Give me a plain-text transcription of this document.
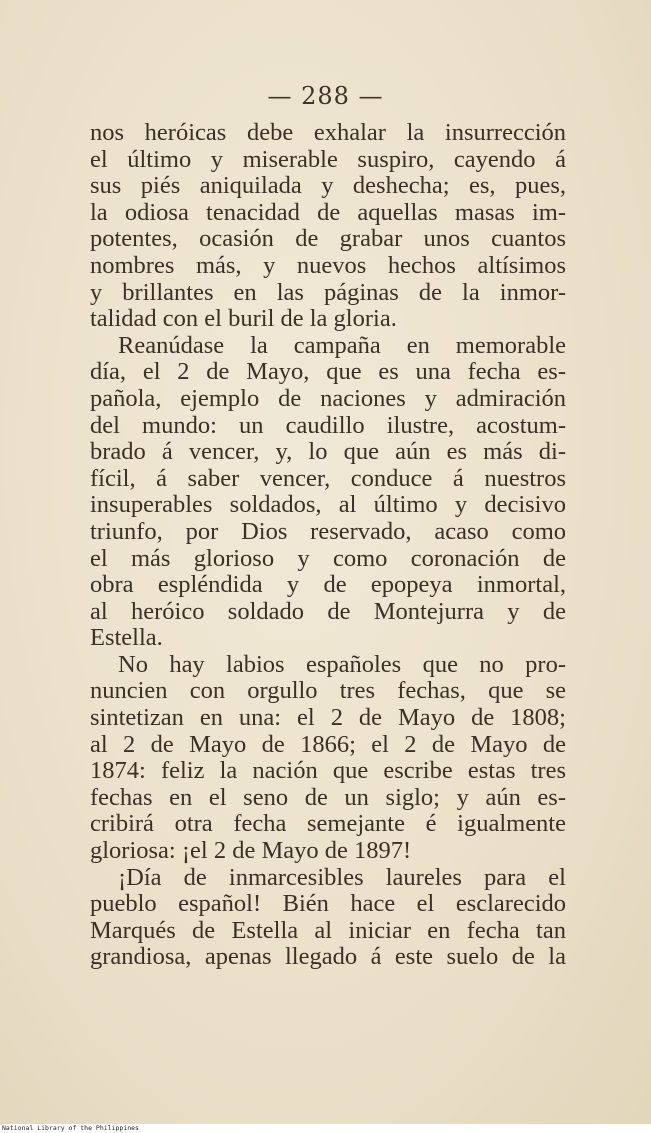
— 288 —
nos heróicas debe exhalar la insurrección
el último y miserable suspiro, cayendo á
sus piés aniquilada y deshecha; es, pues,
la odiosa tenacidad de aquellas masas im-
potentes, ocasión de grabar unos cuantos
nombres más, y nuevos hechos altísimos
y brillantes en las páginas de la inmor-
talidad con el buril de la gloria.
Reanúdase la campaña en memorable
día, el 2 de Mayo, que es una fecha es-
pañola, ejemplo de naciones y admiración
del mundo: un caudillo ilustre, acostum-
brado á vencer, y, lo que aún es más di-
fícil, á saber vencer, conduce á nuestros
insuperables soldados, al último y decisivo
triunfo, por Dios reservado, acaso como
el más glorioso y como coronación de
obra espléndida y de epopeya inmortal,
al heróico soldado de Montejurra y de
Estella.
No hay labios españoles que no pro-
nuncien con orgullo tres fechas, que se
sintetizan en una: el 2 de Mayo de 1808;
al 2 de Mayo de 1866; el 2 de Mayo de
1874: feliz la nación que escribe estas tres
fechas en el seno de un siglo; y aún es-
cribirá otra fecha semejante é igualmente
gloriosa: ¡el 2 de Mayo de 1897!
¡Día de inmarcesibles laureles para el
pueblo español! Bién hace el esclarecido
Marqués de Estella al iniciar en fecha tan
grandiosa, apenas llegado á este suelo de la
National Library of the Philippines
